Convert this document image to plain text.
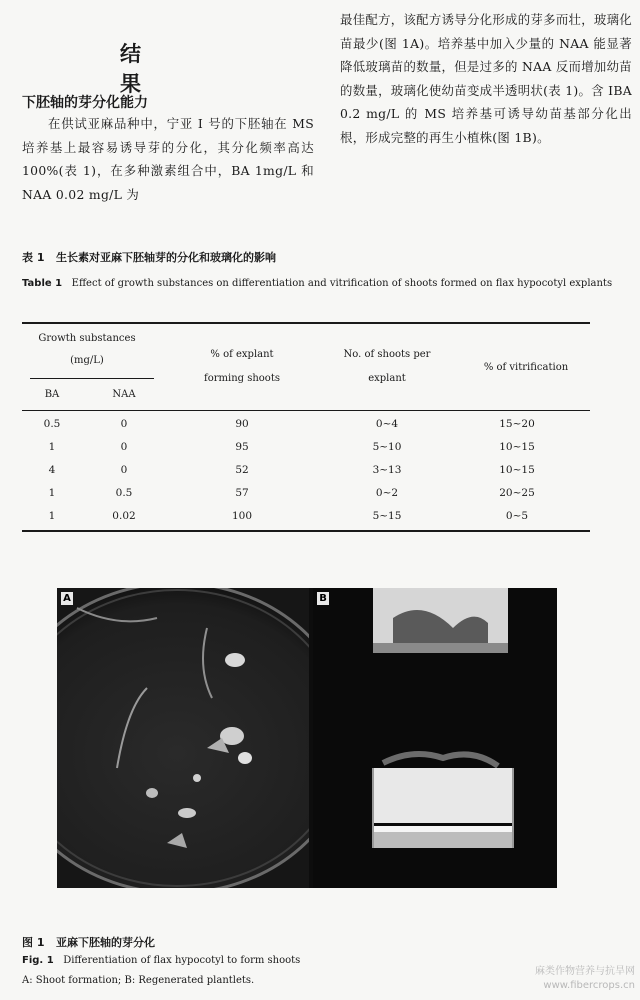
结 果
下胚轴的芽分化能力

在供试亚麻品种中，宁亚 Ⅰ 号的下胚轴在 MS 培养基上最容易诱导芽的分化，其分化频率高达 100%(表 1)，在多种激素组合中，BA 1mg/L 和 NAA 0.02 mg/L 为

最佳配方，该配方诱导分化形成的芽多而壮，玻璃化苗最少(图 1A)。培养基中加入少量的 NAA 能显著降低玻璃苗的数量，但是过多的 NAA 反而增加幼苗的数量，玻璃化使幼苗变成半透明状(表 1)。含 IBA 0.2 mg/L 的 MS 培养基可诱导幼苗基部分化出根，形成完整的再生小植株(图 1B)。

表 1 生长素对亚麻下胚轴芽的分化和玻璃化的影响
Table 1 Effect of growth substances on differentiation and vitrification of shoots formed on flax hypocotyl explants
Growth substances
(mg/L)
BA	NAA
% of explant
forming shoots
No. of shoots per
explant
% of vitrification
0.5	0	90	0~4	15~20
1	0	95	5~10	10~15
4	0	52	3~13	10~15
1	0.5	57	0~2	20~25
1	0.02	100	5~15	0~5
A	B
图 1 亚麻下胚轴的芽分化
Fig. 1 Differentiation of flax hypocotyl to form shoots
A: Shoot formation; B: Regenerated plantlets.
麻类作物营养与抗旱网
www.fibercrops.cn
